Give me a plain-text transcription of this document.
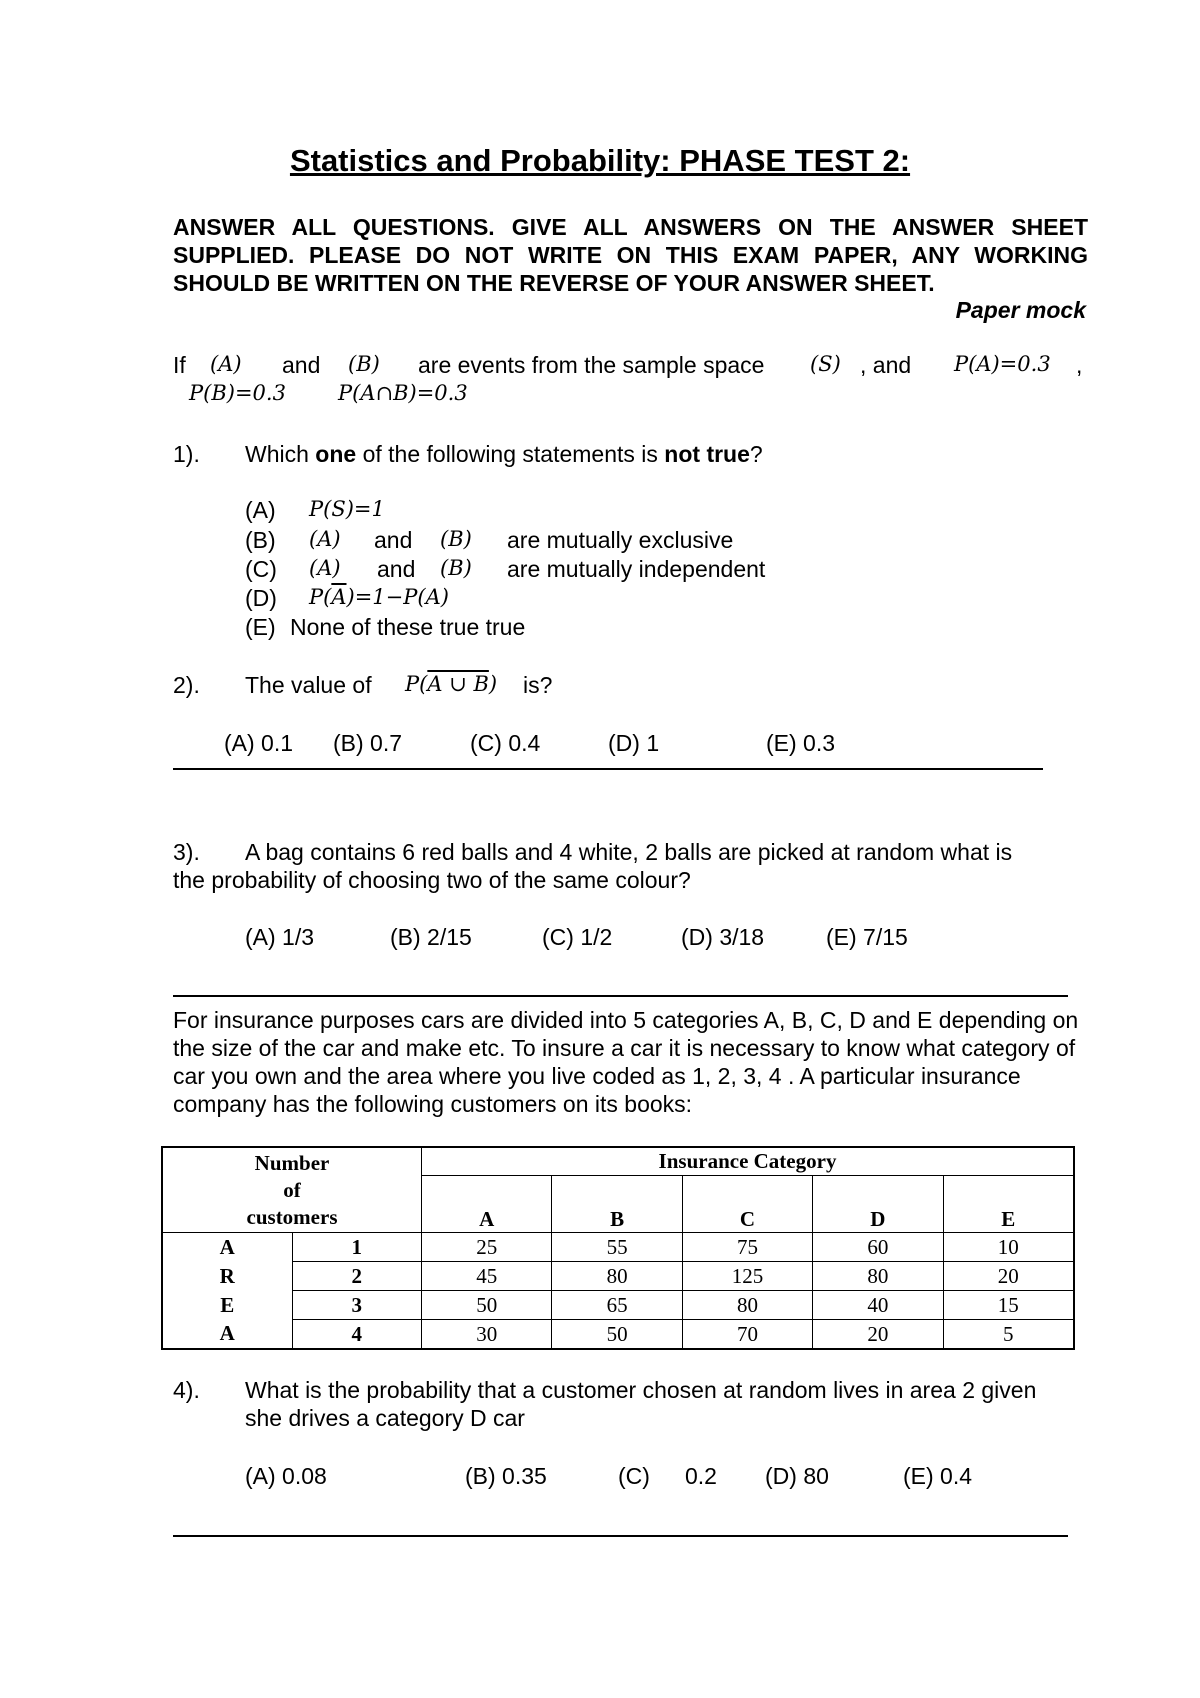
Statistics and Probability: PHASE TEST 2:
ANSWER ALL QUESTIONS. GIVE ALL ANSWERS ON THE ANSWER SHEET SUPPLIED. PLEASE DO NOT WRITE ON THIS EXAM PAPER, ANY WORKING SHOULD BE WRITTEN ON THE REVERSE OF YOUR ANSWER SHEET.
Paper mock
If (A) and (B) are events from the sample space (S) , and P(A)=0.3 ,
P(B)=0.3 P(A∩B)=0.3
1). Which one of the following statements is not true?
(A) P(S)=1
(B) (A) and (B) are mutually exclusive
(C) (A) and (B) are mutually independent
(D) $P(\overline{A})=1-P(A)$
(E) None of these true true
2). The value of P(A ∪ B) is?
(A) 0.1 (B) 0.7	(C) 0.4	(D) 1	(E) 0.3
3). A bag contains 6 red balls and 4 white, 2 balls are picked at random what is
the probability of choosing two of the same colour?
(A) 1/3	(B) 2/15	(C) 1/2	(D) 3/18	(E) 7/15
For insurance purposes cars are divided into 5 categories A, B, C, D and E depending on the size of the car and make etc. To insure a car it is necessary to know what category of car you own and the area where you live coded as 1, 2, 3, 4 . A particular insurance company has the following customers on its books:
Number
of
customers		Insurance Category				
		A	B	C	D	E
A	1	25	55	75	60	10
R	2	45	80	125	80	20
E	3	50	65	80	40	15
A	4	30	50	70	20	5
4). What is the probability that a customer chosen at random lives in area 2 given
she drives a category D car
(A) 0.08	(B) 0.35	(C) 0.2 (D) 80	(E) 0.4
